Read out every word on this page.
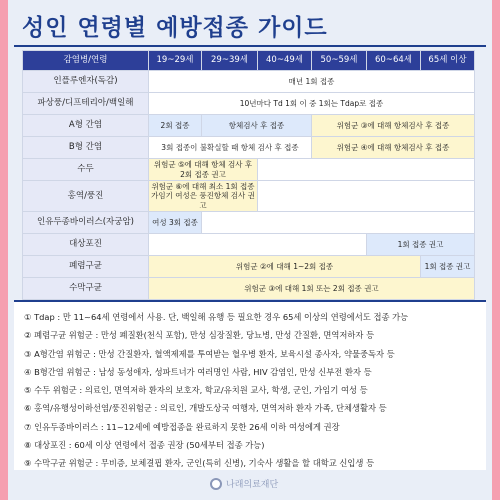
성인 연령별 예방접종 가이드
감염병/연령	19~29세	29~39세	40~49세	50~59세	60~64세	65세 이상
인플루엔자(독감)	매년 1회 접종					
파상풍/디프테리아/백일해	10년마다 Td 1회 이 중 1회는 Tdap로 접종					
A형 간염	2회 접종	항체검사 후 접종		위험군 ③에 대해 항체검사 후 접종		
B형 간염	3회 접종이 불확실할 때 항체 검사 후 접종			위험군 ④에 대해 항체검사 후 접종		
수두	위험군 ⑤에 대해 항체 검사 후 2회 접종 권고					
홍역/풍진	위험군 ⑥에 대해 최소 1회 접종 가임기 여성은 풍진항체 검사 권고					
인유두종바이러스(자궁암)	여성 3회 접종					
대상포진					1회 접종 권고	
폐렴구균	위험군 ②에 대해 1~2회 접종					1회 접종 권고
수막구균	위험군 ③에 대해 1회 또는 2회 접종 권고					
① Tdap : 만 11~64세 연령에서 사용. 단, 백일해 유행 등 필요한 경우 65세 이상의 연령에서도 접종 가능
② 폐렴구균 위험군 : 만성 폐질환(천식 포함), 만성 심장질환, 당뇨병, 만성 간질환, 면역저하자 등
③ A형간염 위험군 : 만성 간질환자, 혈액제제를 투여받는 혈우병 환자, 보육시설 종사자, 약물중독자 등
④ B형간염 위험군 : 남성 동성애자, 성파트너가 여러명인 사람, HIV 감염인, 만성 신부전 환자 등
⑤ 수두 위험군 : 의료인, 면역저하 환자의 보호자, 학교/유치원 교사, 학생, 군인, 가임기 여성 등
⑥ 홍역/유행성이하선염/풍진위험군 : 의료인, 개발도상국 여행자, 면역저하 환자 가족, 단체생활자 등
⑦ 인유두종바이러스 : 11~12세에 예방접종을 완료하지 못한 26세 이하 여성에게 권장
⑧ 대상포진 : 60세 이상 연령에서 접종 권장 (50세부터 접종 가능)
⑨ 수막구균 위험군 : 무비증, 보체결핍 환자, 군인(특히 신병), 기숙사 생활을 할 대학교 신입생 등
나래의료재단
